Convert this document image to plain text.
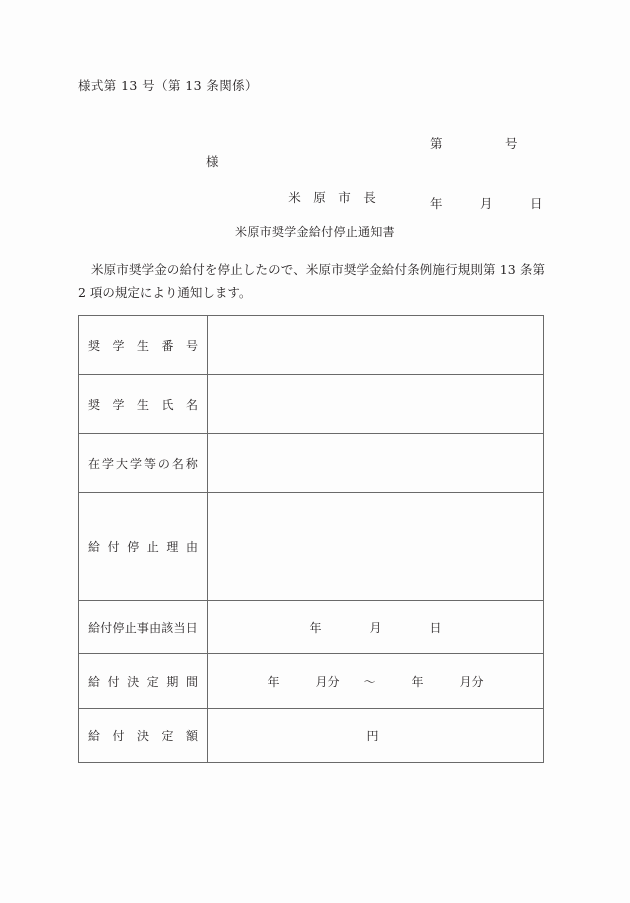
様式第 13 号（第 13 条関係）

第　　　　　号

年　　　月　　　日

様
米　原　市　長
米原市奨学金給付停止通知書
米原市奨学金の給付を停止したので、米原市奨学金給付条例施行規則第 13 条第 2 項の規定により通知します。
奨 学 生 番 号	

奨 学 生 氏 名	

在 学 大 学 等 の 名 称

給 付 停 止 理 由

給付停止事由該当日	年　　　　月　　　　日

給 付 決 定 期 間	年　　　月分　　～　　　年　　　月分

給 付 決 定 額	円
